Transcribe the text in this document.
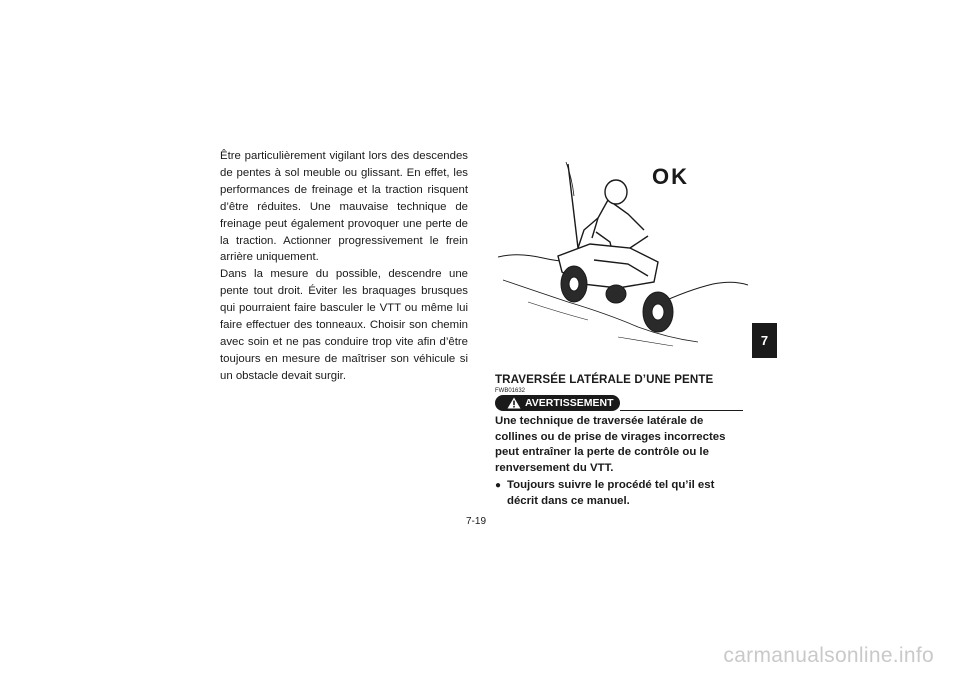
Être particulièrement vigilant lors des descendes de pentes à sol meuble ou glissant. En effet, les performances de freinage et la traction risquent d’être réduites. Une mauvaise technique de freinage peut également provoquer une perte de la traction. Actionner progressivement le frein arrière uniquement.

Dans la mesure du possible, descendre une pente tout droit. Éviter les braquages brusques qui pourraient faire basculer le VTT ou même lui faire effectuer des tonneaux. Choisir son chemin avec soin et ne pas conduire trop vite afin d’être toujours en mesure de maîtriser son véhicule si un obstacle devait surgir.

OK
7
TRAVERSÉE LATÉRALE D’UNE PENTE
FWB01632
AVERTISSEMENT

Une technique de traversée latérale de collines ou de prise de virages incorrectes peut entraîner la perte de contrôle ou le renversement du VTT.

● Toujours suivre le procédé tel qu’il est décrit dans ce manuel.
7-19
carmanualsonline.info
